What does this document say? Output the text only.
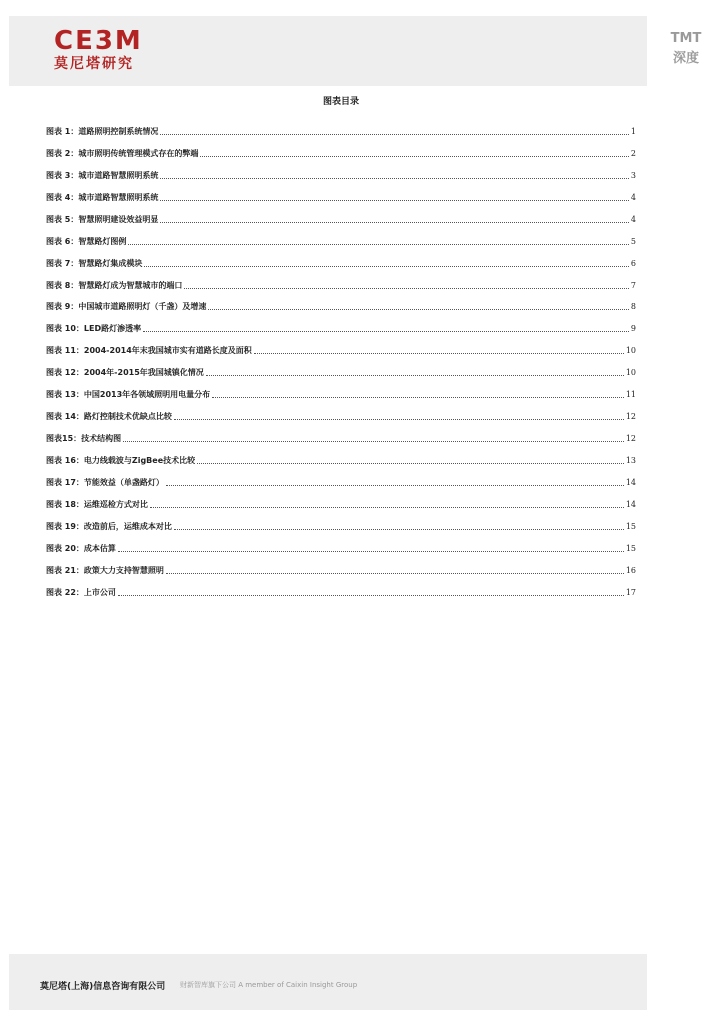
CE3M
莫尼塔研究
TMT
深度
图表目录
图表 1：道路照明控制系统情况	1
图表 2：城市照明传统管理模式存在的弊端	2
图表 3：城市道路智慧照明系统	3
图表 4：城市道路智慧照明系统	4
图表 5：智慧照明建设效益明显	4
图表 6：智慧路灯图例	5
图表 7：智慧路灯集成模块	6
图表 8：智慧路灯成为智慧城市的端口	7
图表 9：中国城市道路照明灯（千盏）及增速	8
图表 10：LED路灯渗透率	9
图表 11：2004-2014年末我国城市实有道路长度及面积	10
图表 12：2004年-2015年我国城镇化情况	10
图表 13：中国2013年各领域照明用电量分布	11
图表 14：路灯控制技术优缺点比较	12
图表15：技术结构图	12
图表 16：电力线载波与ZigBee技术比较	13
图表 17：节能效益（单盏路灯）	14
图表 18：运维巡检方式对比	14
图表 19：改造前后，运维成本对比	15
图表 20：成本估算	15
图表 21：政策大力支持智慧照明	16
图表 22：上市公司	17
莫尼塔(上海)信息咨询有限公司 财新智库旗下公司 A member of Caixin Insight Group
